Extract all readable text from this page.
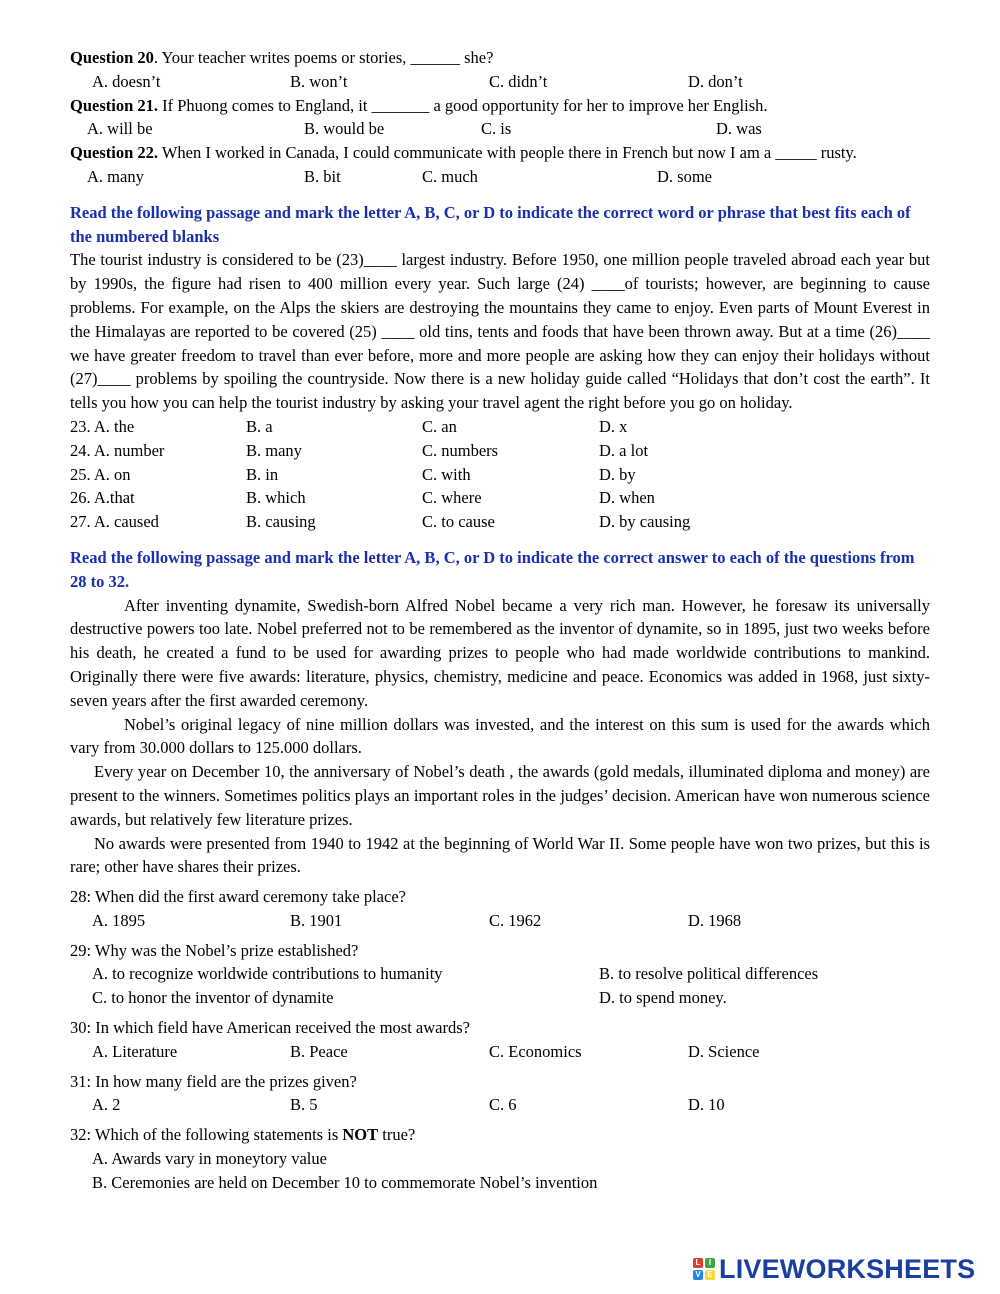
Question 20. Your teacher writes poems or stories, ______ she?
A. doesn’t	B. won’t	C. didn’t	D. don’t
Question 21. If Phuong comes to England, it _______ a good opportunity for her to improve her English.
A. will be	B. would be	C. is	D. was
Question 22. When I worked in Canada, I could communicate with people there in French but now I am a _____ rusty.
A. many	B. bit	C. much	D. some
Read the following passage and mark the letter A, B, C, or D to indicate the correct word or phrase that best fits each of the numbered blanks
The tourist industry is considered to be (23)____ largest industry. Before 1950, one million people traveled abroad each year but by 1990s, the figure had risen to 400 million every year. Such large (24) ____of tourists; however, are beginning to cause problems. For example, on the Alps the skiers are destroying the mountains they came to enjoy. Even parts of Mount Everest in the Himalayas are reported to be covered (25) ____ old tins, tents and foods that have been thrown away. But at a time (26)____ we have greater freedom to travel than ever before, more and more people are asking how they can enjoy their holidays without (27)____ problems by spoiling the countryside. Now there is a new holiday guide called “Holidays that don’t cost the earth”. It tells you how you can help the tourist industry by asking your travel agent the right before you go on holiday.
23. A. the	B. a	C. an	D. x
24. A. number	B. many	C. numbers	D. a lot
25. A. on	B. in	C. with	D. by
26. A.that	B. which	C. where	D. when
27. A. caused	B. causing	C. to cause	D. by causing
Read the following passage and mark the letter A, B, C, or D to indicate the correct answer to each of the questions from 28 to 32.
After inventing dynamite, Swedish-born Alfred Nobel became a very rich man. However, he foresaw its universally destructive powers too late. Nobel preferred not to be remembered as the inventor of dynamite, so in 1895, just two weeks before his death, he created a fund to be used for awarding prizes to people who had made worldwide contributions to mankind. Originally there were five awards: literature, physics, chemistry, medicine and peace. Economics was added in 1968, just sixty-seven years after the first awarded ceremony.
Nobel’s original legacy of nine million dollars was invested, and the interest on this sum is used for the awards which vary from 30.000 dollars to 125.000 dollars.
Every year on December 10, the anniversary of Nobel’s death , the awards (gold medals, illuminated diploma and money) are present to the winners. Sometimes politics plays an important roles in the judges’ decision. American have won numerous science awards, but relatively few literature prizes.
No awards were presented from 1940 to 1942 at the beginning of World War II. Some people have won two prizes, but this is rare; other have shares their prizes.
28: When did the first award ceremony take place?
A. 1895	B. 1901	C. 1962	D. 1968
29: Why was the Nobel’s prize established?
A. to recognize worldwide contributions to humanity	B. to resolve political differences
C. to honor the inventor of dynamite	D. to spend money.
30: In which field have American received the most awards?
A. Literature	B. Peace	C. Economics	D. Science
31: In how many field are the prizes given?
A. 2	B. 5	C. 6	D. 10
32: Which of the following statements is NOT true?
A. Awards vary in moneytory value
B. Ceremonies are held on December 10 to commemorate Nobel’s invention
L	I
V E LIVEWORKSHEETS
